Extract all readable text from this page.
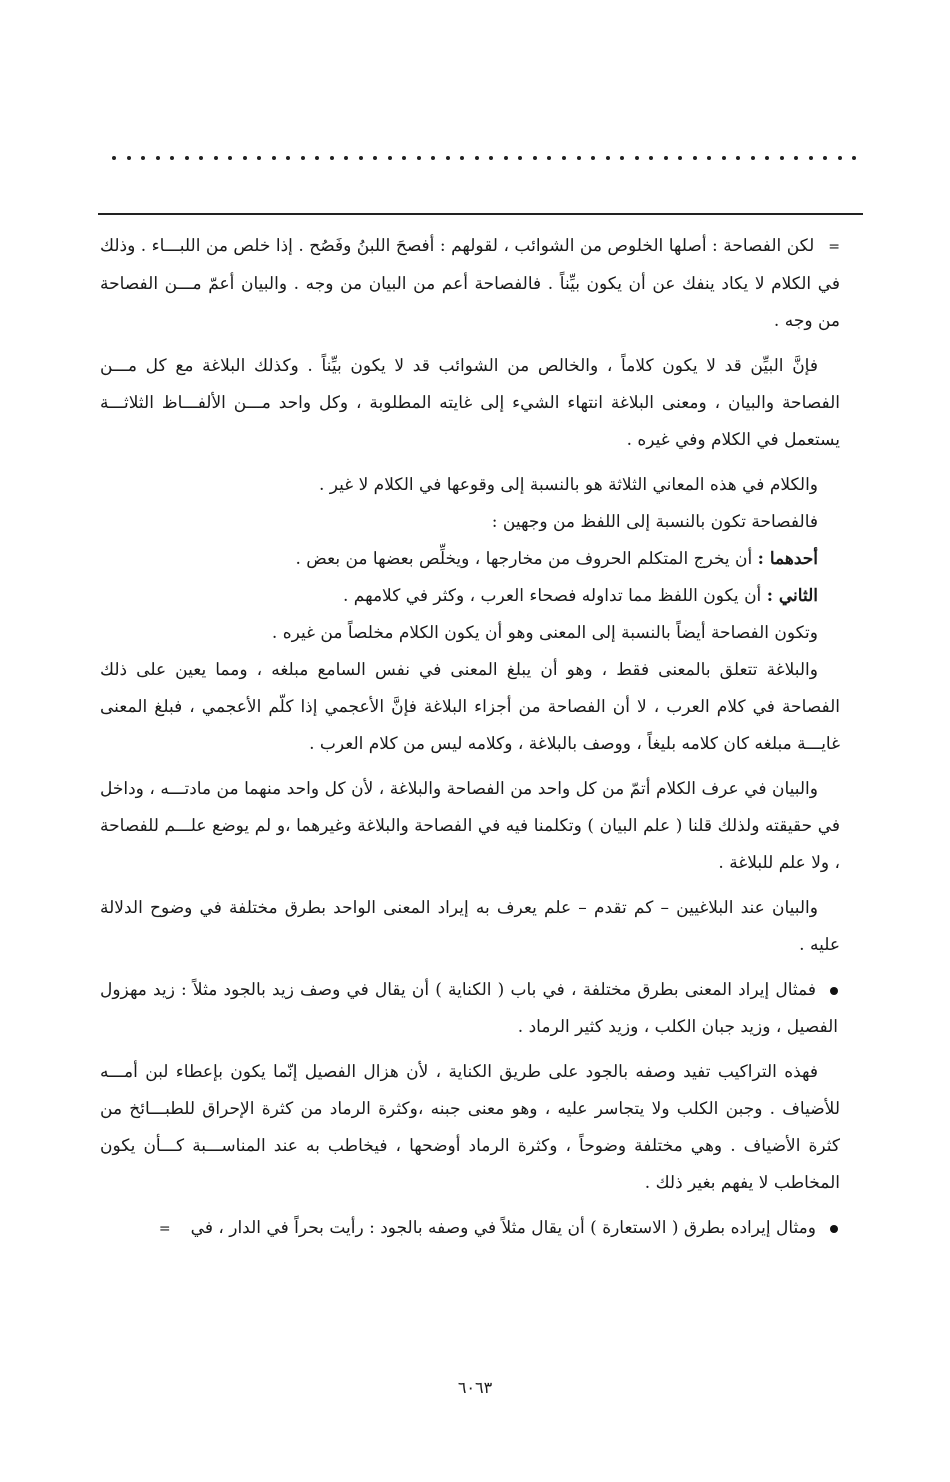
=لكن الفصاحة : أصلها الخلوص من الشوائب ، لقولهم : أفصحَ اللبنُ وفَصُح . إذا خلص من اللبـــاء . وذلك في الكلام لا يكاد ينفك عن أن يكون بيِّناً . فالفصاحة أعم من البيان من وجه . والبيان أعمّ مـــن الفصاحة من وجه .

فإنَّ البيِّن قد لا يكون كلاماً ، والخالص من الشوائب قد لا يكون بيِّناً . وكذلك البلاغة مع كل مـــن الفصاحة والبيان ، ومعنى البلاغة انتهاء الشيء إلى غايته المطلوبة ، وكل واحد مـــن الألفـــاظ الثلاثـــة يستعمل في الكلام وفي غيره .

والكلام في هذه المعاني الثلاثة هو بالنسبة إلى وقوعها في الكلام لا غير .

فالفصاحة تكون بالنسبة إلى اللفظ من وجهين :

أحدهما : أن يخرج المتكلم الحروف من مخارجها ، ويخلِّص بعضها من بعض .

الثاني : أن يكون اللفظ مما تداوله فصحاء العرب ، وكثر في كلامهم .

وتكون الفصاحة أيضاً بالنسبة إلى المعنى وهو أن يكون الكلام مخلصاً من غيره .

والبلاغة تتعلق بالمعنى فقط ، وهو أن يبلغ المعنى في نفس السامع مبلغه ، ومما يعين على ذلك الفصاحة في كلام العرب ، لا أن الفصاحة من أجزاء البلاغة فإنَّ الأعجمي إذا كلّم الأعجمي ، فبلغ المعنى غايـــة مبلغه كان كلامه بليغاً ، ووصف بالبلاغة ، وكلامه ليس من كلام العرب .

والبيان في عرف الكلام أتمّ من كل واحد من الفصاحة والبلاغة ، لأن كل واحد منهما من مادتـــه ، وداخل في حقيقته ولذلك قلنا ( علم البيان ) وتكلمنا فيه في الفصاحة والبلاغة وغيرهما ،و لم يوضع علـــم للفصاحة ، ولا علم للبلاغة .

والبيان عند البلاغيين – كم تقدم – علم يعرف به إيراد المعنى الواحد بطرق مختلفة في وضوح الدلالة عليه .

فمثال إيراد المعنى بطرق مختلفة ، في باب ( الكناية ) أن يقال في وصف زيد بالجود مثلاً : زيد مهزول الفصيل ، وزيد جبان الكلب ، وزيد كثير الرماد .

فهذه التراكيب تفيد وصفه بالجود على طريق الكناية ، لأن هزال الفصيل إنّما يكون بإعطاء لبن أمـــه للأضياف . وجبن الكلب ولا يتجاسر عليه ، وهو معنى جبنه ،وكثرة الرماد من كثرة الإحراق للطبـــائخ من كثرة الأضياف . وهي مختلفة وضوحاً ، وكثرة الرماد أوضحها ، فيخاطب به عند المناســـبة كـــأن يكون المخاطب لا يفهم بغير ذلك .

ومثال إيراده بطرق ( الاستعارة ) أن يقال مثلاً في وصفه بالجود : رأيت بحراً في الدار ، في=

٦٠٦٣
